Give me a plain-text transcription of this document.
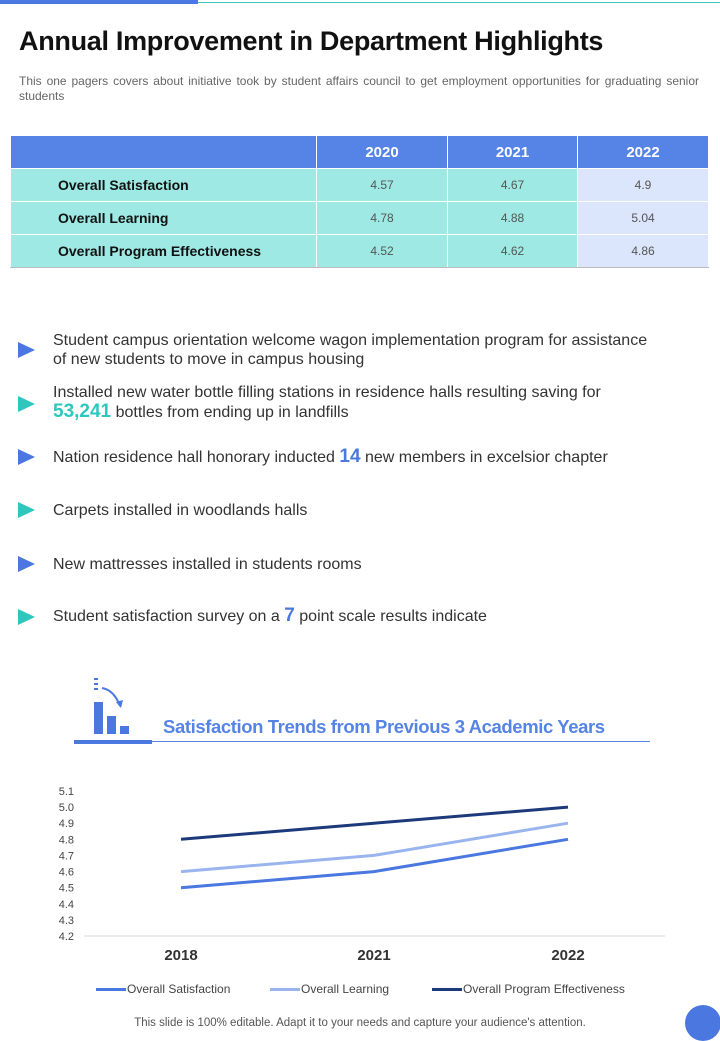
Annual Improvement in Department Highlights

This one pagers covers about initiative took by student affairs council to get employment opportunities for graduating senior students

	2020	2021	2022
Overall Satisfaction	4.57	4.67	4.9
Overall Learning	4.78	4.88	5.04
Overall Program Effectiveness	4.52	4.62	4.86
Student campus orientation welcome wagon implementation program for assistance of new students to move in campus housing
Installed new water bottle filling stations in residence halls resulting saving for
53,241 bottles from ending up in landfills
Nation residence hall honorary inducted 14 new members in excelsior chapter
Carpets installed in woodlands halls
New mattresses installed in students rooms
Student satisfaction survey on a 7 point scale results indicate
Satisfaction Trends from Previous 3 Academic Years
5.1
5.0
4.9
4.8
4.7
4.6
4.5
4.4
4.3
4.2
2018	2021	2022
Overall Satisfaction	Overall Learning	Overall Program Effectiveness
This slide is 100% editable. Adapt it to your needs and capture your audience's attention.
